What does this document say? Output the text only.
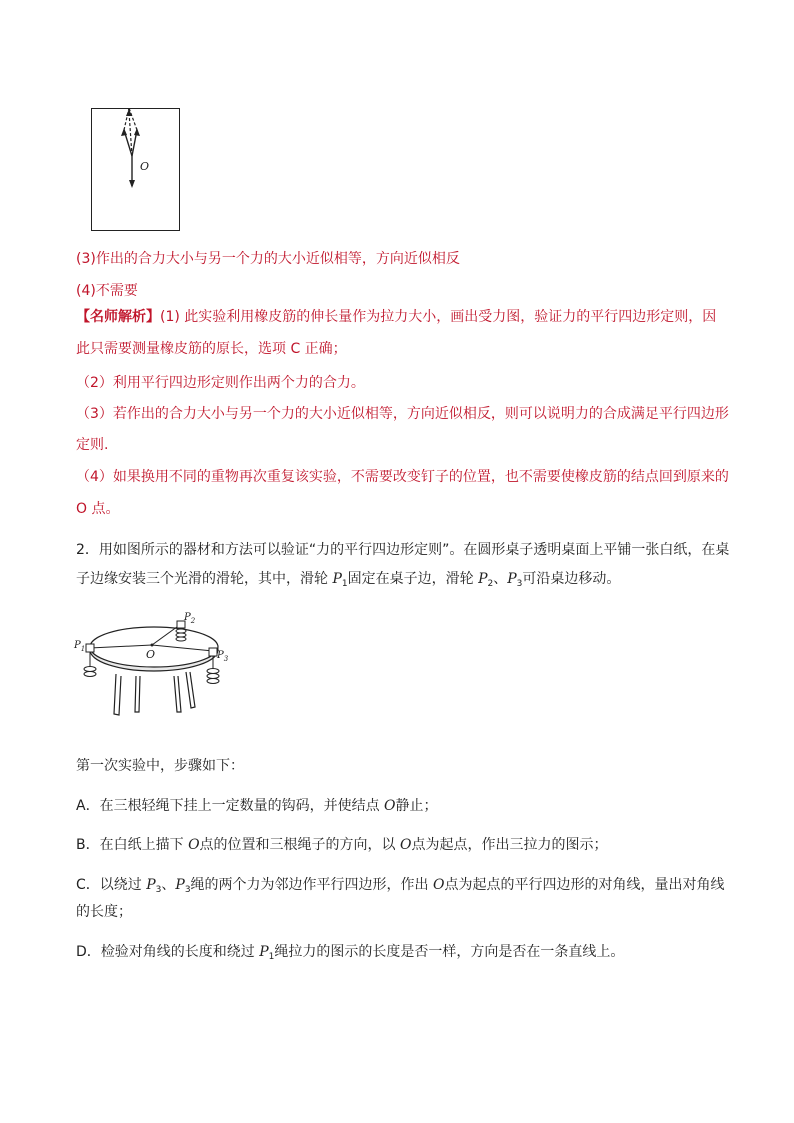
O
(3)作出的合力大小与另一个力的大小近似相等，方向近似相反
(4)不需要
【名师解析】(1) 此实验利用橡皮筋的伸长量作为拉力大小，画出受力图，验证力的平行四边形定则，因
此只需要测量橡皮筋的原长，选项 C 正确；
（2）利用平行四边形定则作出两个力的合力。
（3）若作出的合力大小与另一个力的大小近似相等，方向近似相反，则可以说明力的合成满足平行四边形
定则.
（4）如果换用不同的重物再次重复该实验，不需要改变钉子的位置，也不需要使橡皮筋的结点回到原来的
O 点。
2．用如图所示的器材和方法可以验证“力的平行四边形定则”。在圆形桌子透明桌面上平铺一张白纸，在桌
子边缘安装三个光滑的滑轮，其中，滑轮 $P_1$固定在桌子边，滑轮 $P_2$、$P_3$可沿桌边移动。
$P_1$
$P_2$
$P_3$
O
第一次实验中，步骤如下：
A．在三根轻绳下挂上一定数量的钩码，并使结点 O静止；
B．在白纸上描下 O点的位置和三根绳子的方向，以 O点为起点，作出三拉力的图示；
C．以绕过 $P_3$、$P_3$绳的两个力为邻边作平行四边形，作出 O点为起点的平行四边形的对角线，量出对角线
的长度；
D．检验对角线的长度和绕过 $P_1$绳拉力的图示的长度是否一样，方向是否在一条直线上。
